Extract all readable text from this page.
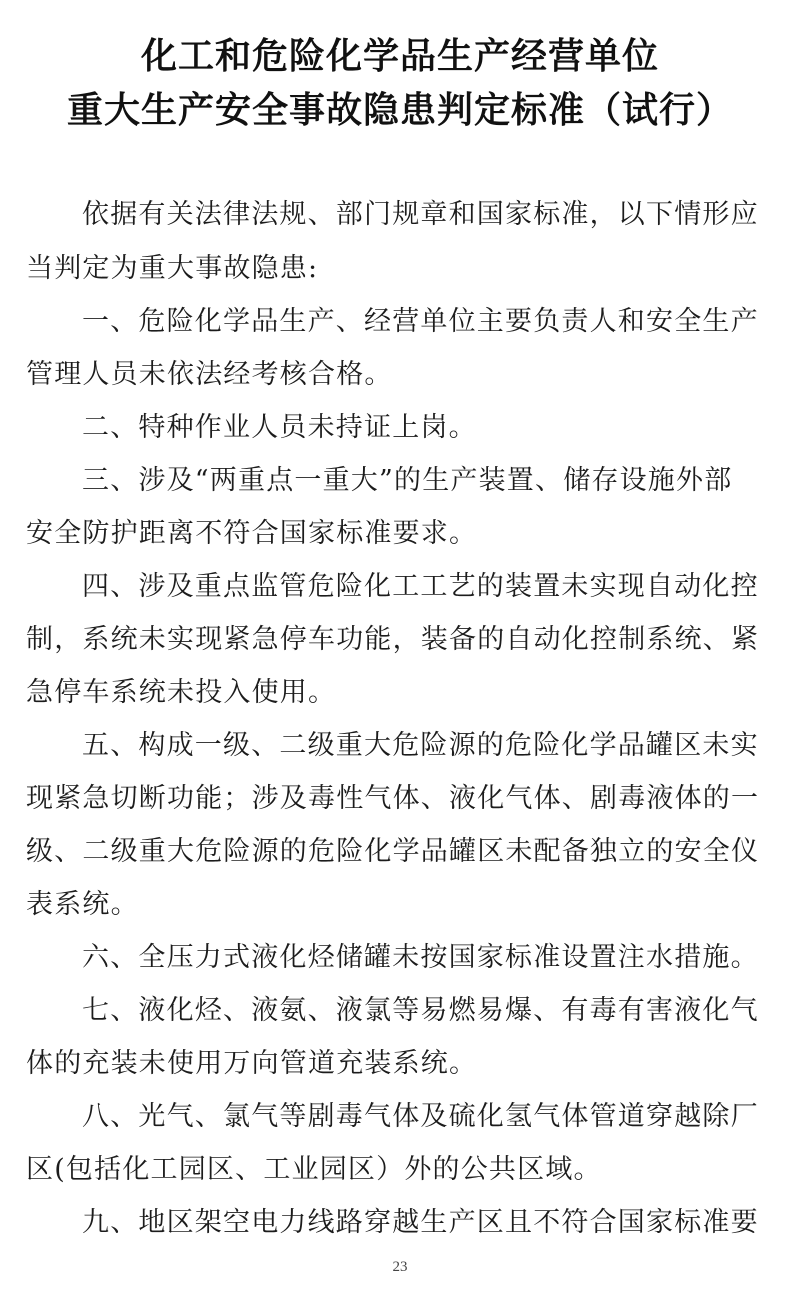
化工和危险化学品生产经营单位
重大生产安全事故隐患判定标准（试行）
依据有关法律法规、部门规章和国家标准，以下情形应
当判定为重大事故隐患:
一、危险化学品生产、经营单位主要负责人和安全生产
管理人员未依法经考核合格。
二、特种作业人员未持证上岗。
三、涉及“两重点一重大”的生产装置、储存设施外部
安全防护距离不符合国家标准要求。
四、涉及重点监管危险化工工艺的装置未实现自动化控
制，系统未实现紧急停车功能，装备的自动化控制系统、紧
急停车系统未投入使用。
五、构成一级、二级重大危险源的危险化学品罐区未实
现紧急切断功能；涉及毒性气体、液化气体、剧毒液体的一
级、二级重大危险源的危险化学品罐区未配备独立的安全仪
表系统。
六、全压力式液化烃储罐未按国家标准设置注水措施。
七、液化烃、液氨、液氯等易燃易爆、有毒有害液化气
体的充装未使用万向管道充装系统。
八、光气、氯气等剧毒气体及硫化氢气体管道穿越除厂
区(包括化工园区、工业园区）外的公共区域。
九、地区架空电力线路穿越生产区且不符合国家标准要
23
